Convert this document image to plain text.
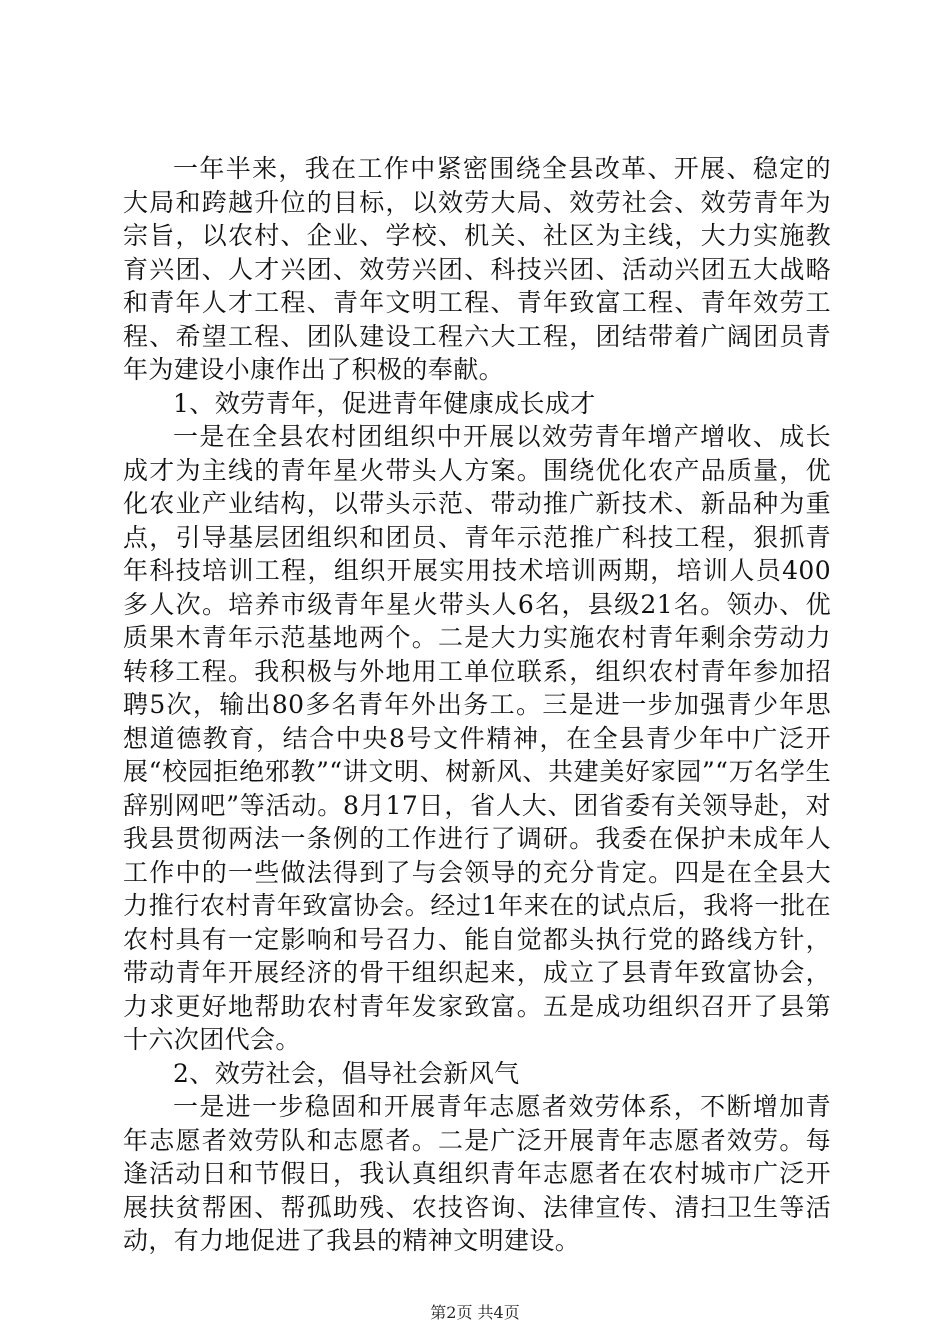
一年半来，我在工作中紧密围绕全县改革、开展、稳定的大局和跨越升位的目标，以效劳大局、效劳社会、效劳青年为宗旨，以农村、企业、学校、机关、社区为主线，大力实施教育兴团、人才兴团、效劳兴团、科技兴团、活动兴团五大战略和青年人才工程、青年文明工程、青年致富工程、青年效劳工程、希望工程、团队建设工程六大工程，团结带着广阔团员青年为建设小康作出了积极的奉献。

1、效劳青年，促进青年健康成长成才

一是在全县农村团组织中开展以效劳青年增产增收、成长成才为主线的青年星火带头人方案。围绕优化农产品质量，优化农业产业结构，以带头示范、带动推广新技术、新品种为重点，引导基层团组织和团员、青年示范推广科技工程，狠抓青年科技培训工程，组织开展实用技术培训两期，培训人员400多人次。培养市级青年星火带头人6名，县级21名。领办、优质果木青年示范基地两个。二是大力实施农村青年剩余劳动力转移工程。我积极与外地用工单位联系，组织农村青年参加招聘5次，输出80多名青年外出务工。三是进一步加强青少年思想道德教育，结合中央8号文件精神，在全县青少年中广泛开展“校园拒绝邪教”“讲文明、树新风、共建美好家园”“万名学生辞别网吧”等活动。8月17日，省人大、团省委有关领导赴，对我县贯彻两法一条例的工作进行了调研。我委在保护未成年人工作中的一些做法得到了与会领导的充分肯定。四是在全县大力推行农村青年致富协会。经过1年来在的试点后，我将一批在农村具有一定影响和号召力、能自觉都头执行党的路线方针，带动青年开展经济的骨干组织起来，成立了县青年致富协会，力求更好地帮助农村青年发家致富。五是成功组织召开了县第十六次团代会。

2、效劳社会，倡导社会新风气

一是进一步稳固和开展青年志愿者效劳体系，不断增加青年志愿者效劳队和志愿者。二是广泛开展青年志愿者效劳。每逢活动日和节假日，我认真组织青年志愿者在农村城市广泛开展扶贫帮困、帮孤助残、农技咨询、法律宣传、清扫卫生等活动，有力地促进了我县的精神文明建设。

第2页 共4页
